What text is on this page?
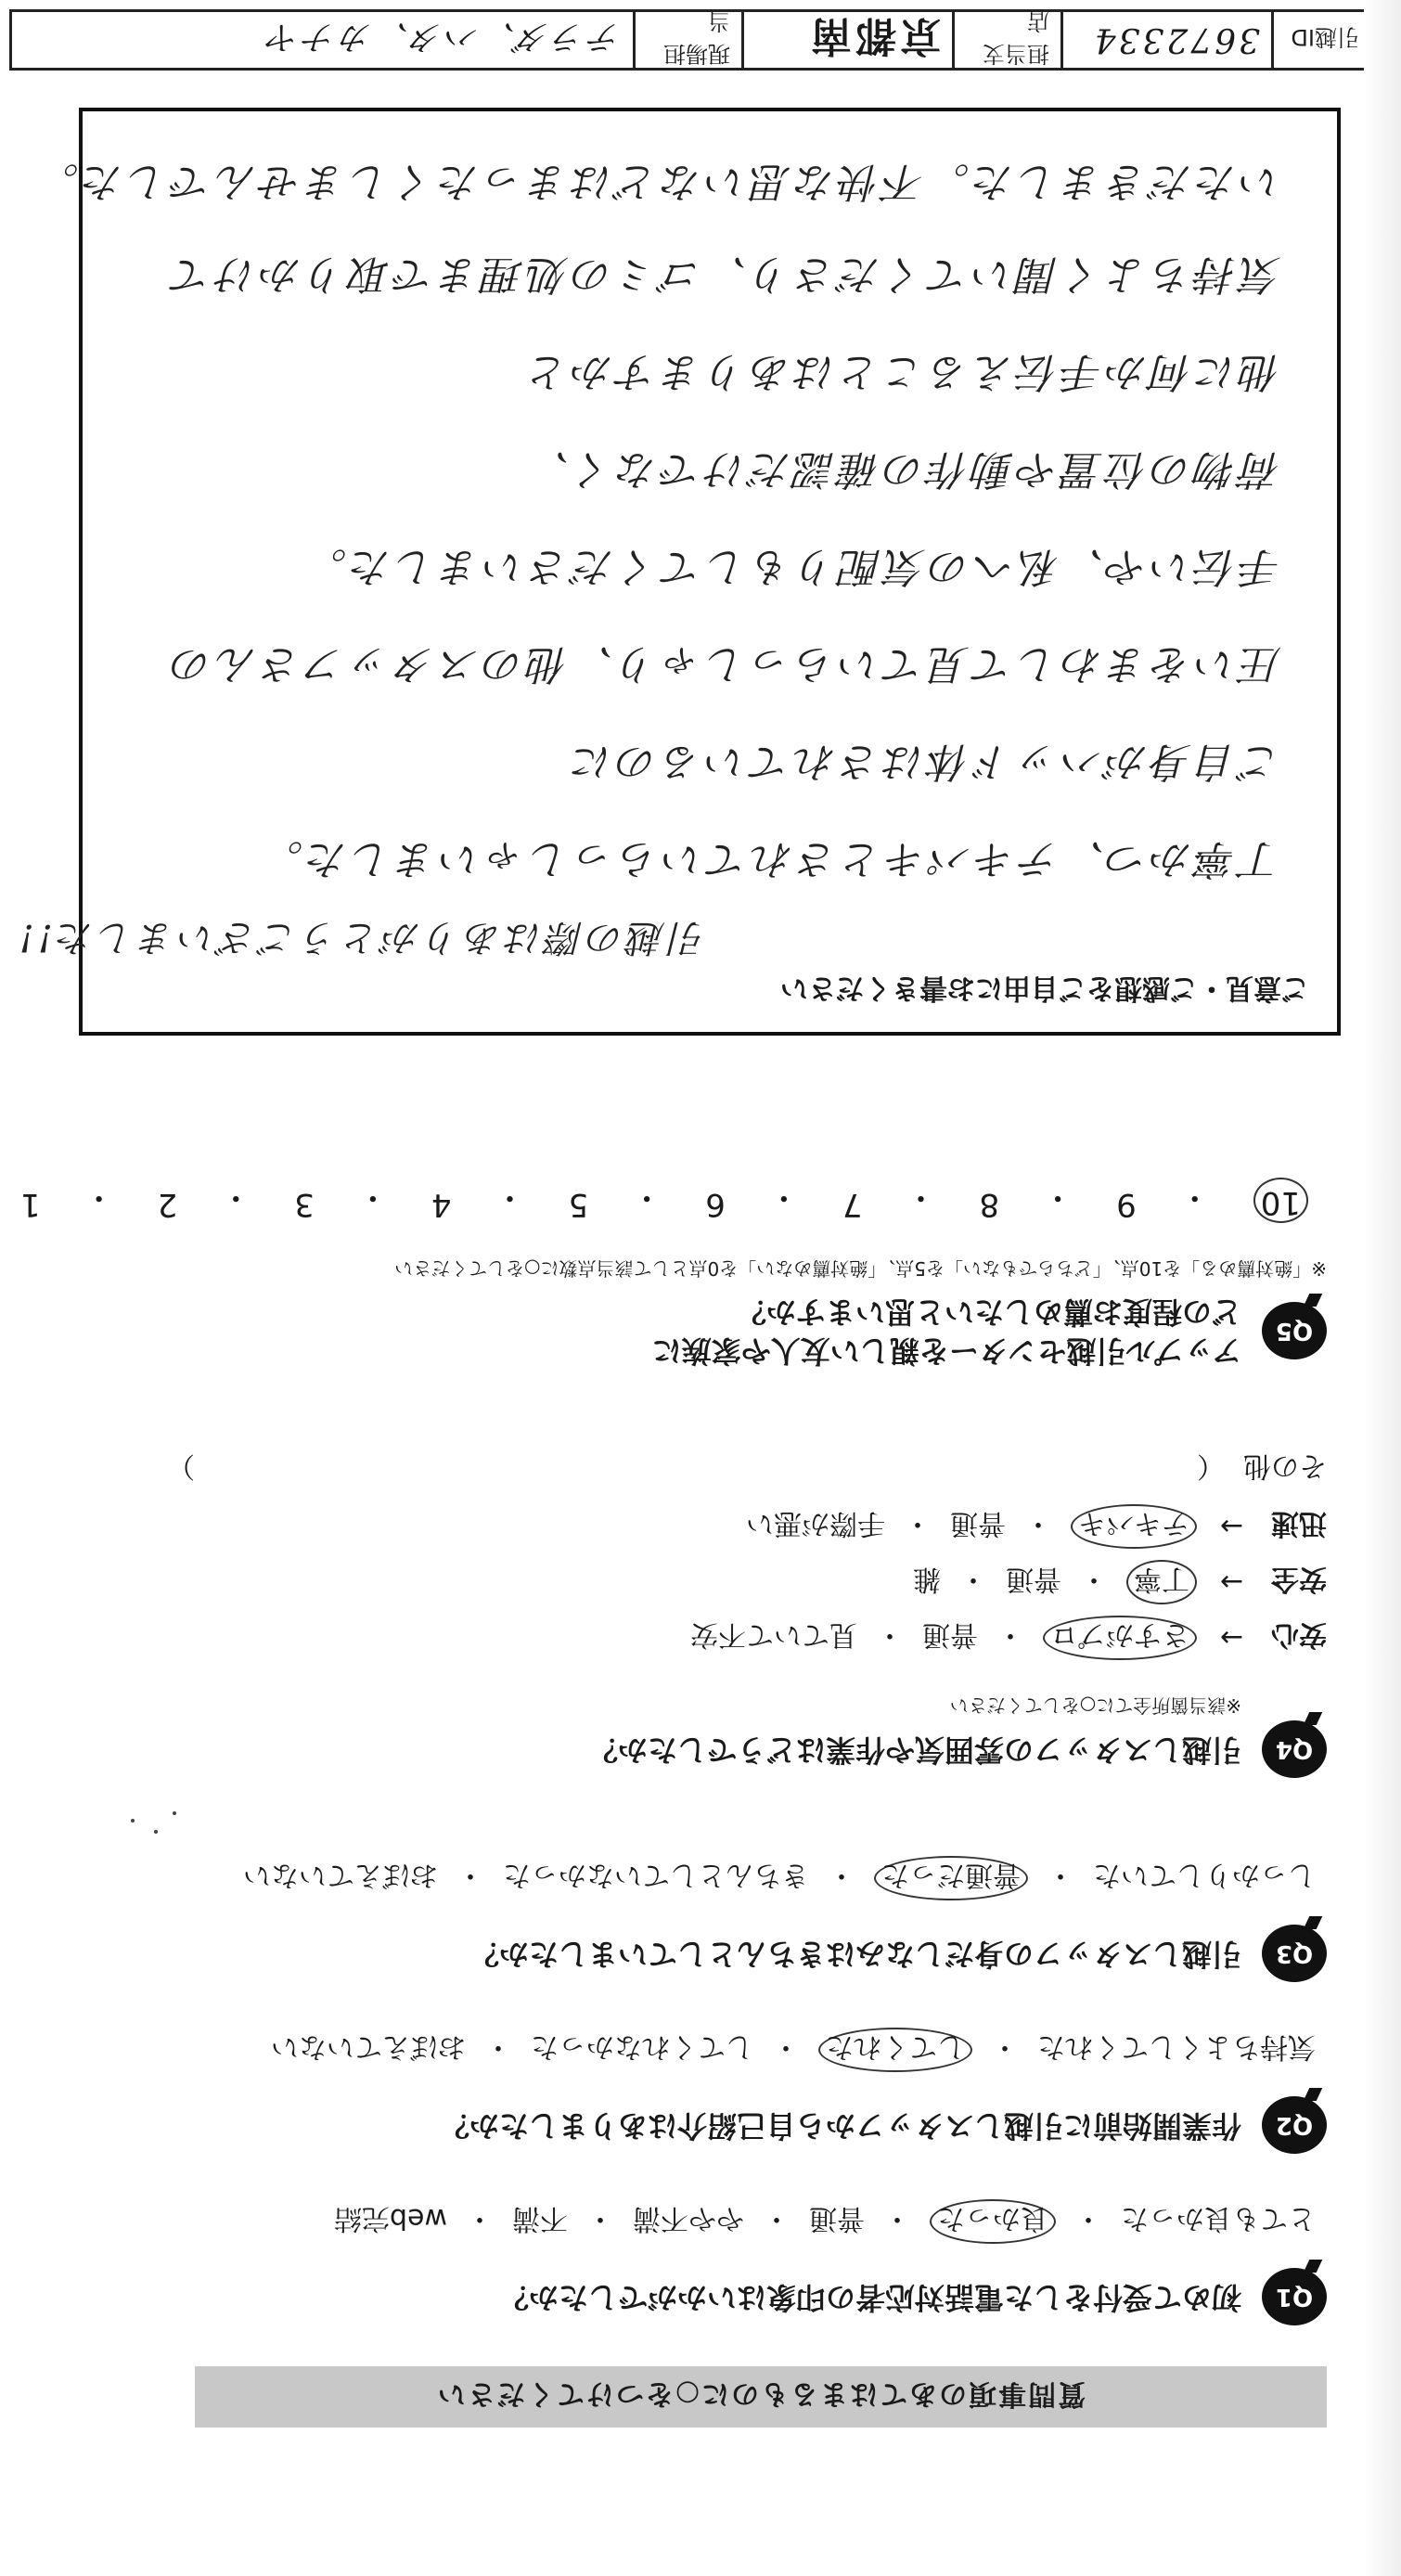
質問事項のあてはまるものに○をつけてください
Q1
初めて受付をした電話対応者の印象はいかがでしたか？
とても良かった
・
良かった
・
普通
・
やや不満
・
不満
・
web完結
Q2
作業開始前に引越しスタッフから自己紹介はありましたか？
気持ちよくしてくれた
・
してくれた
・
してくれなかった
・
おぼえていない
Q3
引越しスタッフの身だしなみはきちんとしていましたか？
しっかりしていた
・
普通だった
・
きちんとしていなかった
・
おぼえていない
Q4
引越しスタッフの雰囲気や作業はどうでしたか？
※該当箇所全てに○をしてください
安心
→
さすがプロ
・
普通
・
見ていて不安
安全
→
丁寧
・
普通
・
雑
迅速
→
テキパキ
・
普通
・
手際が悪い
その他
（
）
Q5
アップル引越センターを親しい友人や家族に
どの程度お薦めしたいと思いますか？
※「絶対薦める」を10点、「どちらでもない」を5点、「絶対薦めない」を0点として該当点数に○をしてください
10
・
9
・
8
・
7
・
6
・
5
・
4
・
3
・
2
・
1
ご意見・ご感想をご自由にお書きください
引越の際はありがとうございました!!
丁寧かつ、テキパキとされていらっしゃいました。
ご自身がハッド体はされているのに
圧いをまわして見ていらっしゃり、他のスタッフさんの
手伝いや、私への気配りもしてくださいました。
荷物の位置や動作の確認だけでなく、
他に何か手伝えることはありますかと
気持ちよく聞いてくださり、ゴミの処理まで取りかけて
いただきました。不快な思いなどはまったくしませんでした。
引越ID
3672334
担当支店
京都南
現場担当
テラダ、ハタ、カナヤ
